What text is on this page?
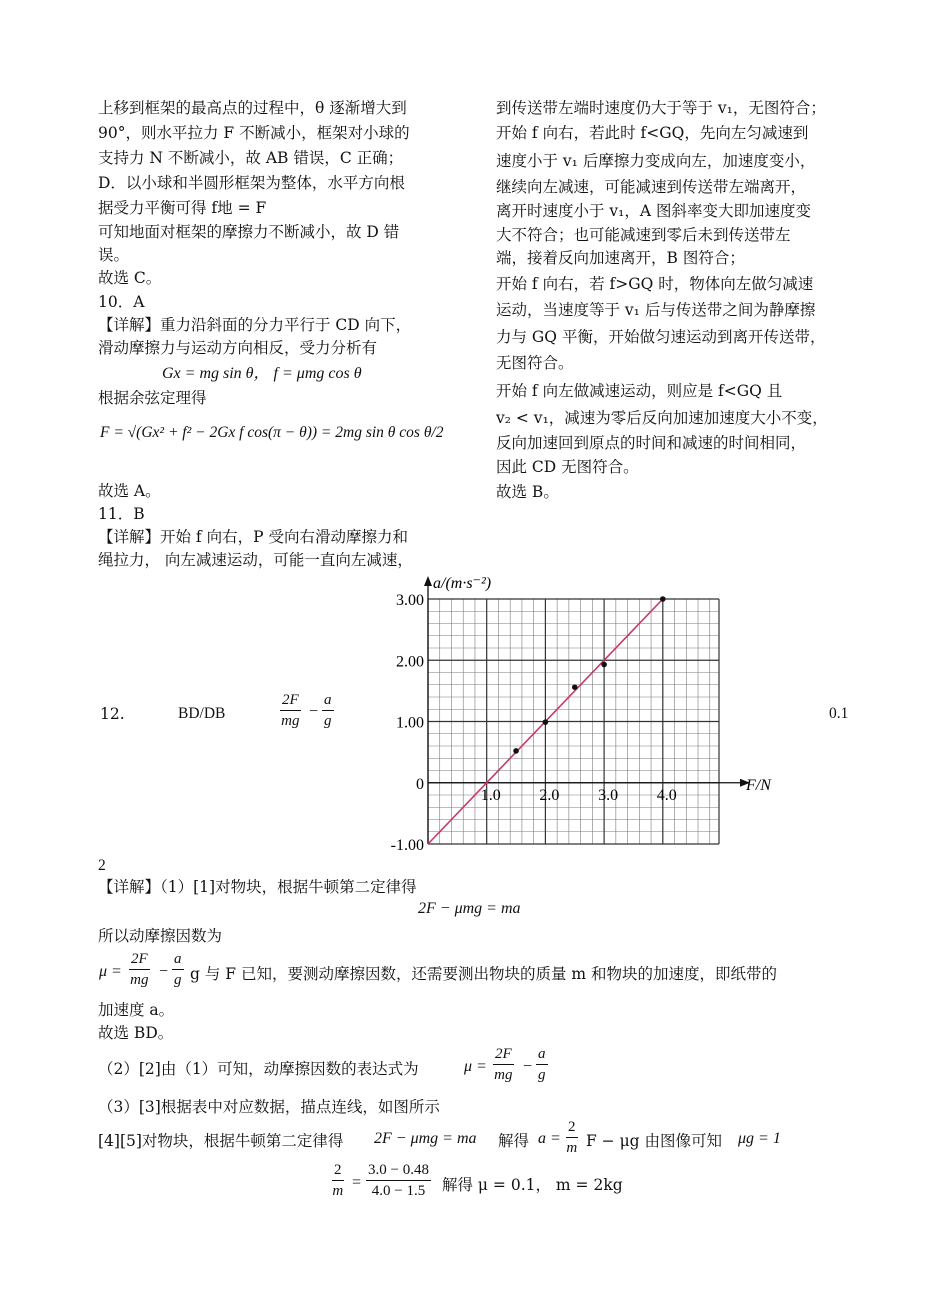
上移到框架的最高点的过程中，θ 逐渐增大到
90°，则水平拉力 F 不断减小，框架对小球的
支持力 N 不断减小，故 AB 错误，C 正确；
D．以小球和半圆形框架为整体，水平方向根
据受力平衡可得 f地 = F
可知地面对框架的摩擦力不断减小，故 D 错
误。
故选 C。
10．A
【详解】重力沿斜面的分力平行于 CD 向下，
滑动摩擦力与运动方向相反，受力分析有
Gx = mg sin θ， f = μmg cos θ
根据余弦定理得
F = √(Gx² + f² − 2Gx f cos(π − θ)) = 2mg sin θ cos θ/2
故选 A。
11．B
【详解】开始 f 向右，P 受向右滑动摩擦力和
绳拉力， 向左减速运动，可能一直向左减速，
到传送带左端时速度仍大于等于 v₁，无图符合；
开始 f 向右，若此时 f<GQ，先向左匀减速到
速度小于 v₁ 后摩擦力变成向左，加速度变小，
继续向左减速，可能减速到传送带左端离开，
离开时速度小于 v₁，A 图斜率变大即加速度变
大不符合；也可能减速到零后未到传送带左
端，接着反向加速离开，B 图符合；
开始 f 向右，若 f>GQ 时，物体向左做匀减速
运动，当速度等于 v₁ 后与传送带之间为静摩擦
力与 GQ 平衡，开始做匀速运动到离开传送带，
无图符合。
开始 f 向左做减速运动，则应是 f<GQ 且
v₂ < v₁，减速为零后反向加速加速度大小不变，
反向加速回到原点的时间和减速的时间相同，
因此 CD 无图符合。
故选 B。
12.	BD/DB	$\frac{2F}{mg} - \frac{a}{g}$	0.1
2
3.00
2.00
1.00
0
-1.00
1.0 2.0 3.0 4.0
a/(m·s⁻²)
F/N
【详解】（1）[1]对物块，根据牛顿第二定律得
2F − μmg = ma
所以动摩擦因数为
$\mu = \frac{2F}{mg} - \frac{a}{g}$ g 与 F 已知，要测动摩擦因数，还需要测出物块的质量 m 和物块的加速度，即纸带的
加速度 a。
故选 BD。
（2）[2]由（1）可知，动摩擦因数的表达式为	$\mu = \frac{2F}{mg} - \frac{a}{g}$
（3）[3]根据表中对应数据，描点连线，如图所示
[4][5]对物块，根据牛顿第二定律得 2F − μmg = ma 解得 $a = \frac{2}{m}$ F − μg 由图像可知 μg = 1
$\frac{2}{m} = \frac{3.0 - 0.48}{4.0 - 1.5}$ 解得 μ = 0.1， m = 2kg
